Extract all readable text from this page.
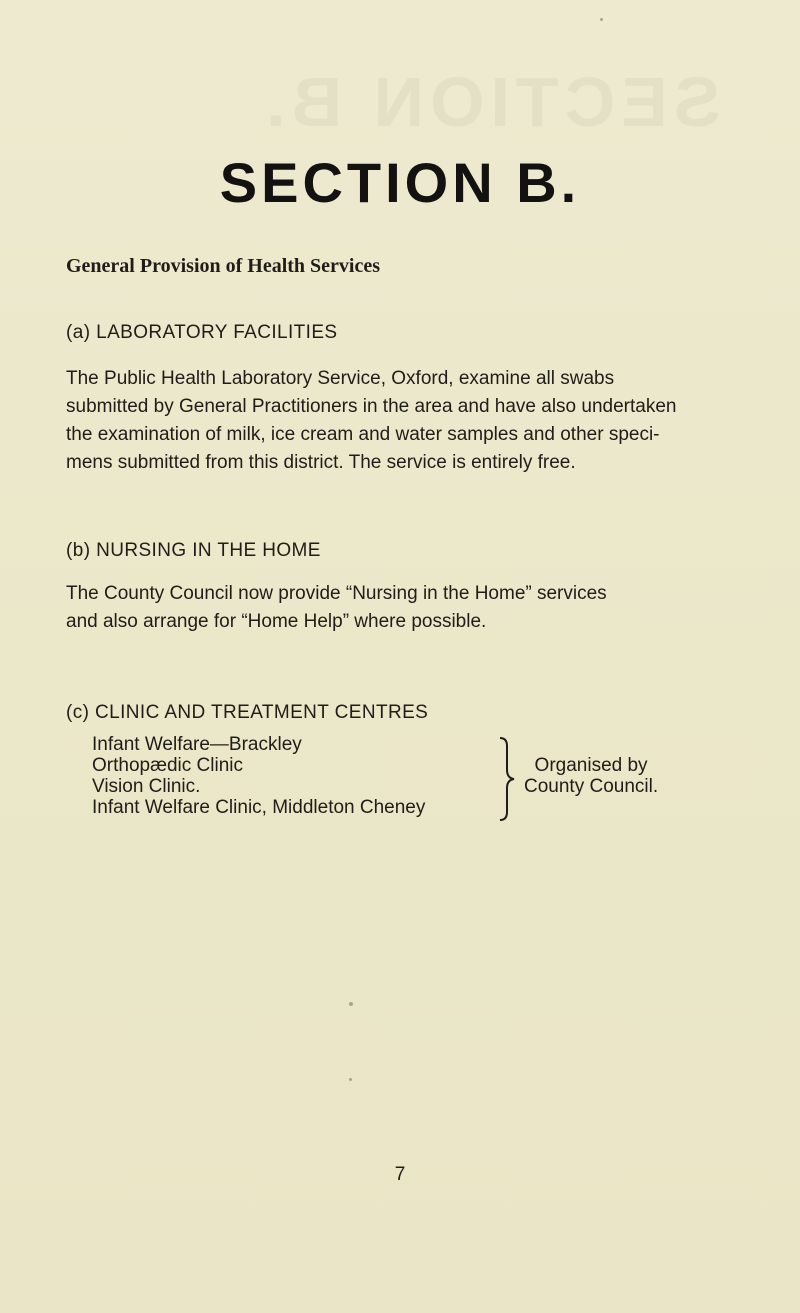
SECTION B.
SECTION B.
General Provision of Health Services
(a) LABORATORY FACILITIES
The Public Health Laboratory Service, Oxford, examine all swabs
submitted by General Practitioners in the area and have also undertaken
the examination of milk, ice cream and water samples and other speci-
mens submitted from this district. The service is entirely free.
(b) NURSING IN THE HOME
The County Council now provide “Nursing in the Home” services
and also arrange for “Home Help” where possible.
(c) CLINIC AND TREATMENT CENTRES
Infant Welfare—Brackley
Orthopædic Clinic
Vision Clinic.
Infant Welfare Clinic, Middleton Cheney
Organised by
County Council.
7
